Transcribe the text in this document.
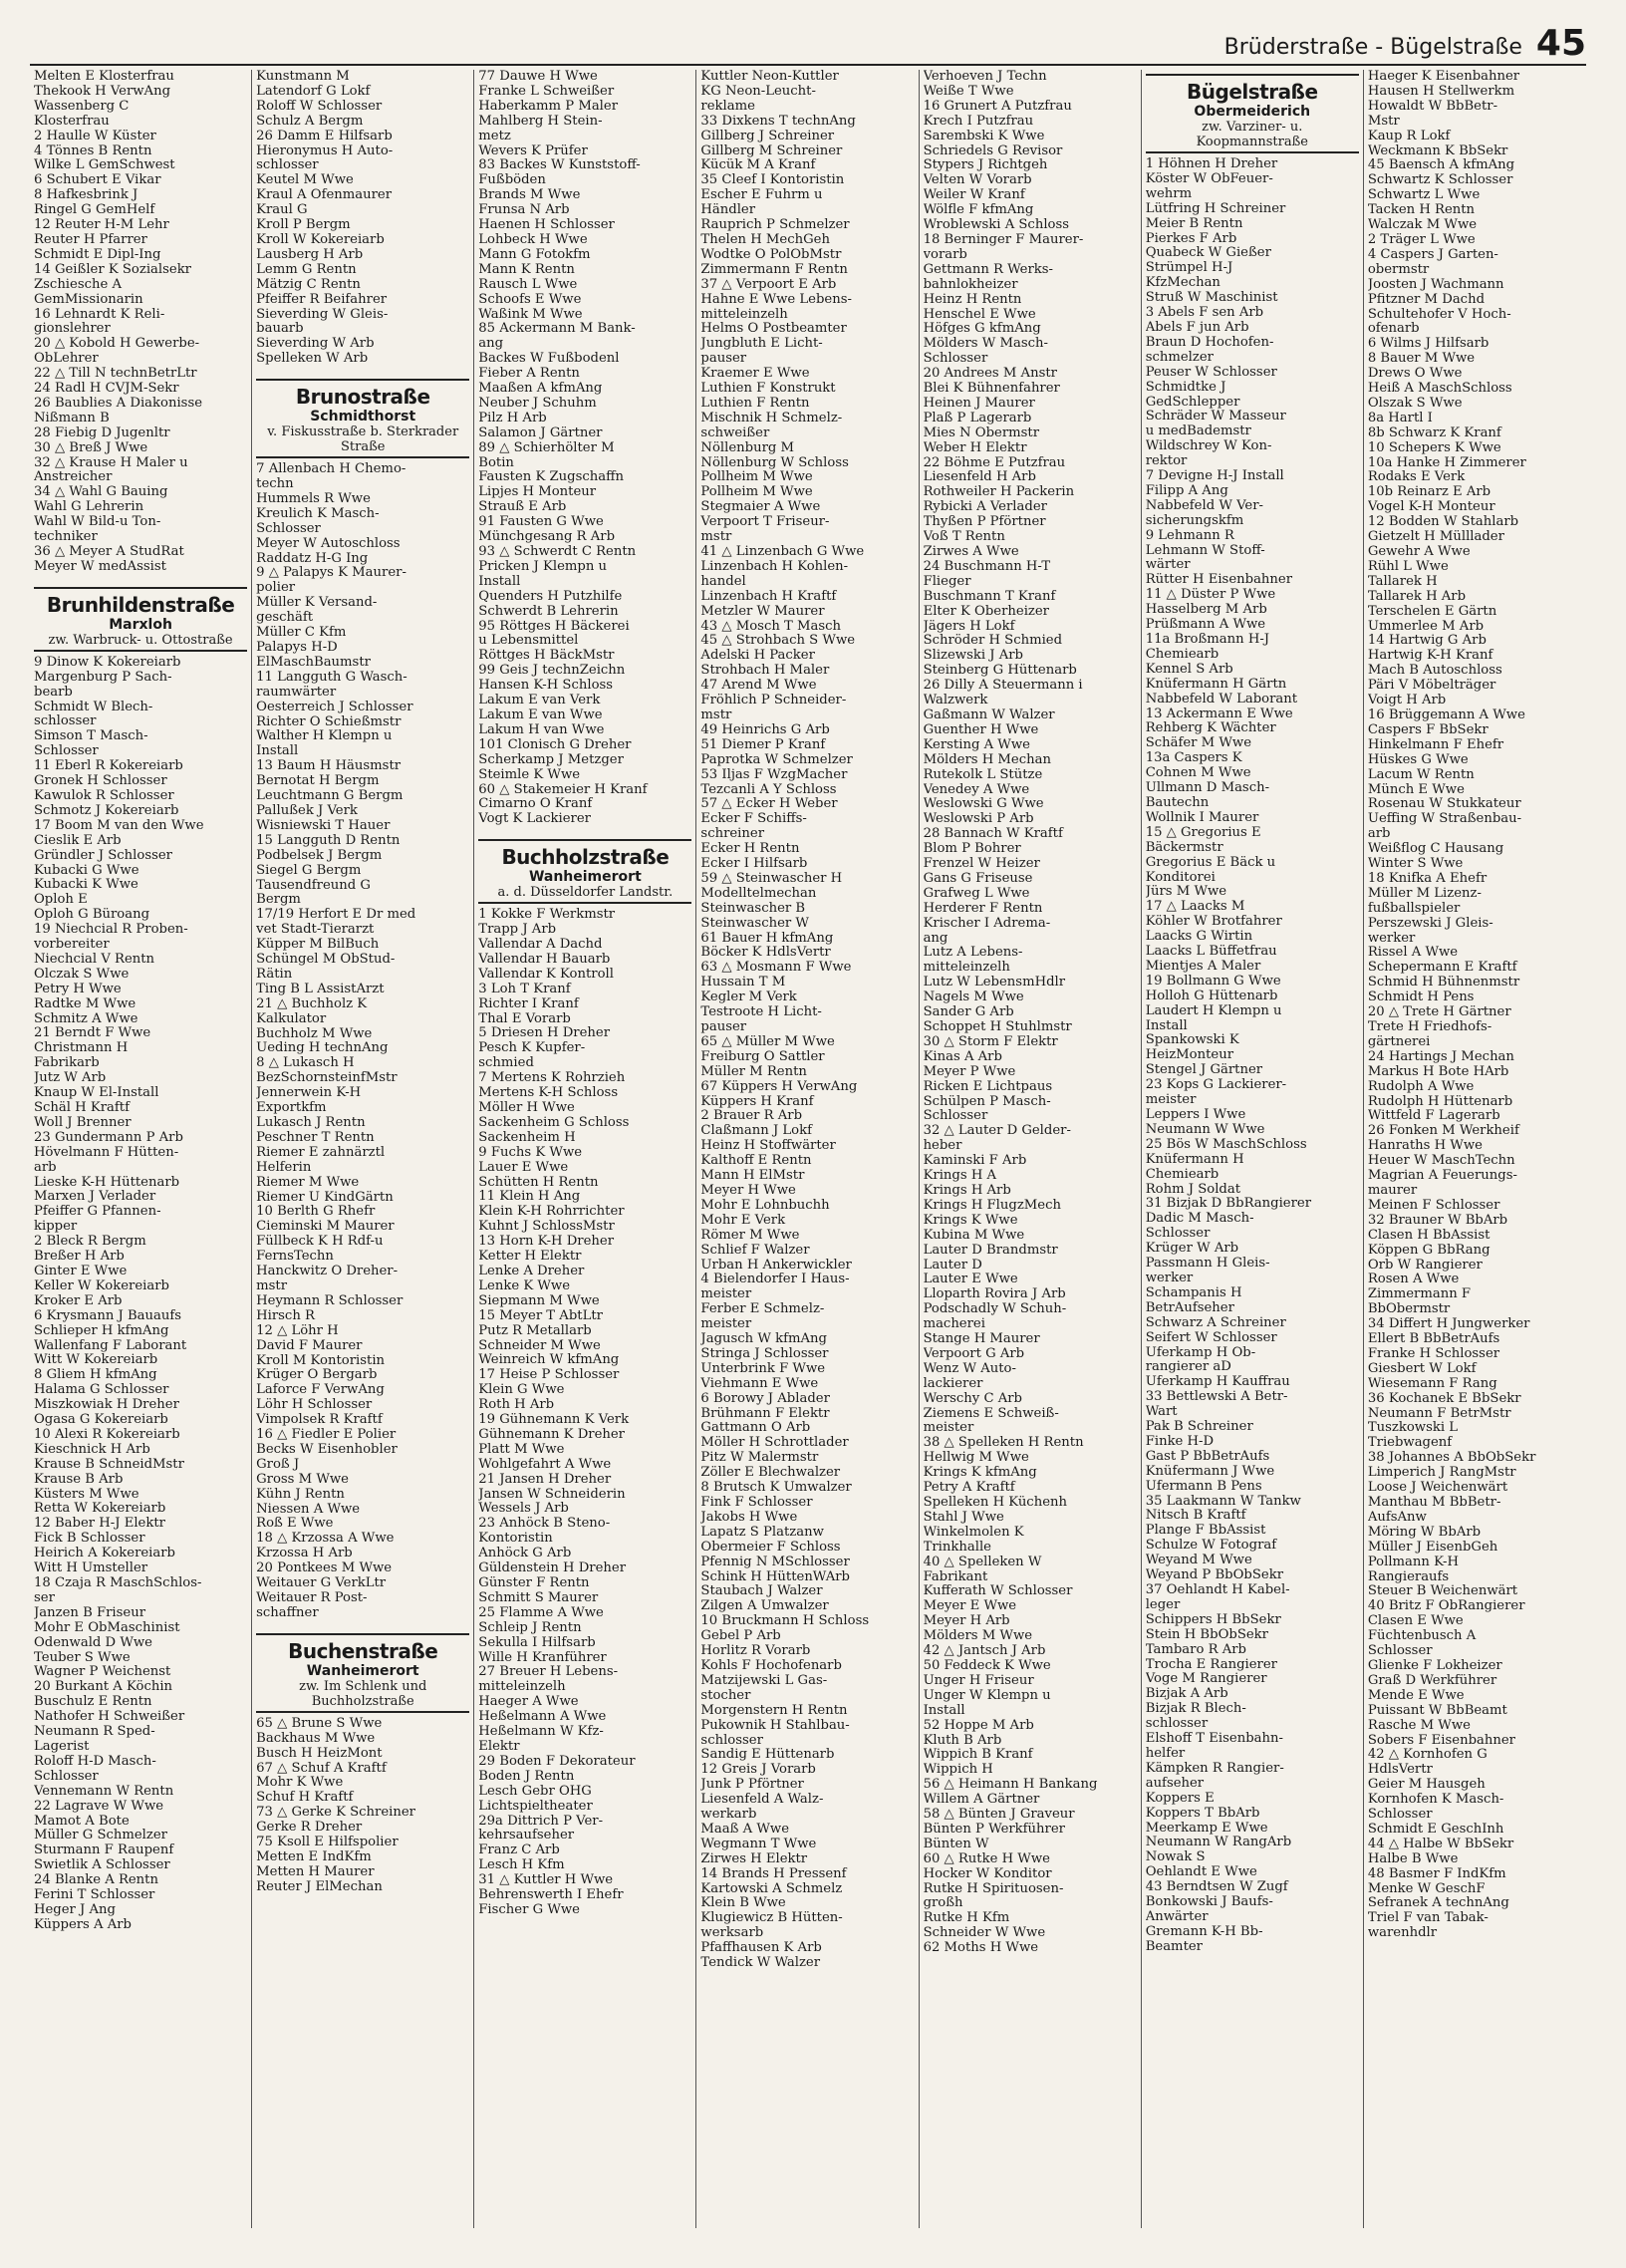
Brüderstraße - Bügelstraße 45
Melten E Klosterfrau
Thekook H VerwAng
Wassenberg C
Klosterfrau
2 Haulle W Küster
4 Tönnes B Rentn
Wilke L GemSchwest
6 Schubert E Vikar
8 Hafkesbrink J
Ringel G GemHelf
12 Reuter H-M Lehr
Reuter H Pfarrer
Schmidt E Dipl-Ing
14 Geißler K Sozialsekr
Zschiesche A
GemMissionarin
16 Lehnardt K Reli-
gionslehrer
20 △ Kobold H Gewerbe-
ObLehrer
22 △ Till N technBetrLtr
24 Radl H CVJM-Sekr
26 Baublies A Diakonisse
Nißmann B
28 Fiebig D Jugenltr
30 △ Breß J Wwe
32 △ Krause H Maler u
Anstreicher
34 △ Wahl G Bauing
Wahl G Lehrerin
Wahl W Bild-u Ton-
techniker
36 △ Meyer A StudRat
Meyer W medAssist
Brunhildenstraße
Marxloh
zw. Warbruck- u. Ottostraße
9 Dinow K Kokereiarb
Margenburg P Sach-
bearb
Schmidt W Blech-
schlosser
Simson T Masch-
Schlosser
11 Eberl R Kokereiarb
Gronek H Schlosser
Kawulok R Schlosser
Schmotz J Kokereiarb
17 Boom M van den Wwe
Cieslik E Arb
Gründler J Schlosser
Kubacki G Wwe
Kubacki K Wwe
Oploh E
Oploh G Büroang
19 Niechcial R Proben-
vorbereiter
Niechcial V Rentn
Olczak S Wwe
Petry H Wwe
Radtke M Wwe
Schmitz A Wwe
21 Berndt F Wwe
Christmann H
Fabrikarb
Jutz W Arb
Knaup W El-Install
Schäl H Kraftf
Woll J Brenner
23 Gundermann P Arb
Hövelmann F Hütten-
arb
Lieske K-H Hüttenarb
Marxen J Verlader
Pfeiffer G Pfannen-
kipper
2 Bleck R Bergm
Breßer H Arb
Ginter E Wwe
Keller W Kokereiarb
Kroker E Arb
6 Krysmann J Bauaufs
Schlieper H kfmAng
Wallenfang F Laborant
Witt W Kokereiarb
8 Gliem H kfmAng
Halama G Schlosser
Miszkowiak H Dreher
Ogasa G Kokereiarb
10 Alexi R Kokereiarb
Kieschnick H Arb
Krause B SchneidMstr
Krause B Arb
Küsters M Wwe
Retta W Kokereiarb
12 Baber H-J Elektr
Fick B Schlosser
Heirich A Kokereiarb
Witt H Umsteller
18 Czaja R MaschSchlos-
ser
Janzen B Friseur
Mohr E ObMaschinist
Odenwald D Wwe
Teuber S Wwe
Wagner P Weichenst
20 Burkant A Köchin
Buschulz E Rentn
Nathofer H Schweißer
Neumann R Sped-
Lagerist
Roloff H-D Masch-
Schlosser
Vennemann W Rentn
22 Lagrave W Wwe
Mamot A Bote
Müller G Schmelzer
Sturmann F Raupenf
Swietlik A Schlosser
24 Blanke A Rentn
Ferini T Schlosser
Heger J Ang
Küppers A Arb
Kunstmann M
Latendorf G Lokf
Roloff W Schlosser
Schulz A Bergm
26 Damm E Hilfsarb
Hieronymus H Auto-
schlosser
Keutel M Wwe
Kraul A Ofenmaurer
Kraul G
Kroll P Bergm
Kroll W Kokereiarb
Lausberg H Arb
Lemm G Rentn
Mätzig C Rentn
Pfeiffer R Beifahrer
Sieverding W Gleis-
bauarb
Sieverding W Arb
Spelleken W Arb
Brunostraße
Schmidthorst
v. Fiskusstraße b. Sterkrader Straße
7 Allenbach H Chemo-
techn
Hummels R Wwe
Kreulich K Masch-
Schlosser
Meyer W Autoschloss
Raddatz H-G Ing
9 △ Palapys K Maurer-
polier
Müller K Versand-
geschäft
Müller C Kfm
Palapys H-D
ElMaschBaumstr
11 Langguth G Wasch-
raumwärter
Oesterreich J Schlosser
Richter O Schießmstr
Walther H Klempn u
Install
13 Baum H Häusmstr
Bernotat H Bergm
Leuchtmann G Bergm
Pallußek J Verk
Wisniewski T Hauer
15 Langguth D Rentn
Podbelsek J Bergm
Siegel G Bergm
Tausendfreund G
Bergm
17/19 Herfort E Dr med
vet Stadt-Tierarzt
Küpper M BilBuch
Schüngel M ObStud-
Rätin
Ting B L AssistArzt
21 △ Buchholz K
Kalkulator
Buchholz M Wwe
Ueding H technAng
8 △ Lukasch H
BezSchornsteinfMstr
Jennerwein K-H
Exportkfm
Lukasch J Rentn
Peschner T Rentn
Riemer E zahnärztl
Helferin
Riemer M Wwe
Riemer U KindGärtn
10 Berlth G Rhefr
Cieminski M Maurer
Füllbeck K H Rdf-u
FernsTechn
Hanckwitz O Dreher-
mstr
Heymann R Schlosser
Hirsch R
12 △ Löhr H
David F Maurer
Kroll M Kontoristin
Krüger O Bergarb
Laforce F VerwAng
Löhr H Schlosser
Vimpolsek R Kraftf
16 △ Fiedler E Polier
Becks W Eisenhobler
Groß J
Gross M Wwe
Kühn J Rentn
Niessen A Wwe
Roß E Wwe
18 △ Krzossa A Wwe
Krzossa H Arb
20 Pontkees M Wwe
Weitauer G VerkLtr
Weitauer R Post-
schaffner
Buchenstraße
Wanheimerort
zw. Im Schlenk und Buchholzstraße
65 △ Brune S Wwe
Backhaus M Wwe
Busch H HeizMont
67 △ Schuf A Kraftf
Mohr K Wwe
Schuf H Kraftf
73 △ Gerke K Schreiner
Gerke R Dreher
75 Ksoll E Hilfspolier
Metten E IndKfm
Metten H Maurer
Reuter J ElMechan
77 Dauwe H Wwe
Franke L Schweißer
Haberkamm P Maler
Mahlberg H Stein-
metz
Wevers K Prüfer
83 Backes W Kunststoff-
Fußböden
Brands M Wwe
Frunsa N Arb
Haenen H Schlosser
Lohbeck H Wwe
Mann G Fotokfm
Mann K Rentn
Rausch L Wwe
Schoofs E Wwe
Waßink M Wwe
85 Ackermann M Bank-
ang
Backes W Fußbodenl
Fieber A Rentn
Maaßen A kfmAng
Neuber J Schuhm
Pilz H Arb
Salamon J Gärtner
89 △ Schierhölter M
Botin
Fausten K Zugschaffn
Lipjes H Monteur
Strauß E Arb
91 Fausten G Wwe
Münchgesang R Arb
93 △ Schwerdt C Rentn
Pricken J Klempn u
Install
Quenders H Putzhilfe
Schwerdt B Lehrerin
95 Röttges H Bäckerei
u Lebensmittel
Röttges H BäckMstr
99 Geis J technZeichn
Hansen K-H Schloss
Lakum E van Verk
Lakum E van Wwe
Lakum H van Wwe
101 Clonisch G Dreher
Scherkamp J Metzger
Steimle K Wwe
60 △ Stakemeier H Kranf
Cimarno O Kranf
Vogt K Lackierer
Buchholzstraße
Wanheimerort
a. d. Düsseldorfer Landstr.
1 Kokke F Werkmstr
Trapp J Arb
Vallendar A Dachd
Vallendar H Bauarb
Vallendar K Kontroll
3 Loh T Kranf
Richter I Kranf
Thal E Vorarb
5 Driesen H Dreher
Pesch K Kupfer-
schmied
7 Mertens K Rohrzieh
Mertens K-H Schloss
Möller H Wwe
Sackenheim G Schloss
Sackenheim H
9 Fuchs K Wwe
Lauer E Wwe
Schütten H Rentn
11 Klein H Ang
Klein K-H Rohrrichter
Kuhnt J SchlossMstr
13 Horn K-H Dreher
Ketter H Elektr
Lenke A Dreher
Lenke K Wwe
Siepmann M Wwe
15 Meyer T AbtLtr
Putz R Metallarb
Schneider M Wwe
Weinreich W kfmAng
17 Heise P Schlosser
Klein G Wwe
Roth H Arb
19 Gühnemann K Verk
Gühnemann K Dreher
Platt M Wwe
Wohlgefahrt A Wwe
21 Jansen H Dreher
Jansen W Schneiderin
Wessels J Arb
23 Anhöck B Steno-
Kontoristin
Anhöck G Arb
Güldenstein H Dreher
Günster F Rentn
Schmitt S Maurer
25 Flamme A Wwe
Schleip J Rentn
Sekulla I Hilfsarb
Wille H Kranführer
27 Breuer H Lebens-
mitteleinzelh
Haeger A Wwe
Heßelmann A Wwe
Heßelmann W Kfz-
Elektr
29 Boden F Dekorateur
Boden J Rentn
Lesch Gebr OHG
Lichtspieltheater
29a Dittrich P Ver-
kehrsaufseher
Franz C Arb
Lesch H Kfm
31 △ Kuttler H Wwe
Behrenswerth I Ehefr
Fischer G Wwe
Kuttler Neon-Kuttler
KG Neon-Leucht-
reklame
33 Dixkens T technAng
Gillberg J Schreiner
Gillberg M Schreiner
Kücük M A Kranf
35 Cleef I Kontoristin
Escher E Fuhrm u
Händler
Rauprich P Schmelzer
Thelen H MechGeh
Wodtke O PolObMstr
Zimmermann F Rentn
37 △ Verpoort E Arb
Hahne E Wwe Lebens-
mitteleinzelh
Helms O Postbeamter
Jungbluth E Licht-
pauser
Kraemer E Wwe
Luthien F Konstrukt
Luthien F Rentn
Mischnik H Schmelz-
schweißer
Nöllenburg M
Nöllenburg W Schloss
Pollheim M Wwe
Pollheim M Wwe
Stegmaier A Wwe
Verpoort T Friseur-
mstr
41 △ Linzenbach G Wwe
Linzenbach H Kohlen-
handel
Linzenbach H Kraftf
Metzler W Maurer
43 △ Mosch T Masch
45 △ Strohbach S Wwe
Adelski H Packer
Strohbach H Maler
47 Arend M Wwe
Fröhlich P Schneider-
mstr
49 Heinrichs G Arb
51 Diemer P Kranf
Paprotka W Schmelzer
53 Iljas F WzgMacher
Tezcanli A Y Schloss
57 △ Ecker H Weber
Ecker F Schiffs-
schreiner
Ecker H Rentn
Ecker I Hilfsarb
59 △ Steinwascher H
Modelltelmechan
Steinwascher B
Steinwascher W
61 Bauer H kfmAng
Böcker K HdlsVertr
63 △ Mosmann F Wwe
Hussain T M
Kegler M Verk
Testroote H Licht-
pauser
65 △ Müller M Wwe
Freiburg O Sattler
Müller M Rentn
67 Küppers H VerwAng
Küppers H Kranf
2 Brauer R Arb
Claßmann J Lokf
Heinz H Stoffwärter
Kalthoff E Rentn
Mann H ElMstr
Meyer H Wwe
Mohr E Lohnbuchh
Mohr E Verk
Römer M Wwe
Schlief F Walzer
Urban H Ankerwickler
4 Bielendorfer I Haus-
meister
Ferber E Schmelz-
meister
Jagusch W kfmAng
Stringa J Schlosser
Unterbrink F Wwe
Viehmann E Wwe
6 Borowy J Ablader
Brühmann F Elektr
Gattmann O Arb
Möller H Schrottlader
Pitz W Malermstr
Zöller E Blechwalzer
8 Brutsch K Umwalzer
Fink F Schlosser
Jakobs H Wwe
Lapatz S Platzanw
Obermeier F Schloss
Pfennig N MSchlosser
Schink H HüttenWArb
Staubach J Walzer
Zilgen A Umwalzer
10 Bruckmann H Schloss
Gebel P Arb
Horlitz R Vorarb
Kohls F Hochofenarb
Matzijewski L Gas-
stocher
Morgenstern H Rentn
Pukownik H Stahlbau-
schlosser
Sandig E Hüttenarb
12 Greis J Vorarb
Junk P Pförtner
Liesenfeld A Walz-
werkarb
Maaß A Wwe
Wegmann T Wwe
Zirwes H Elektr
14 Brands H Pressenf
Kartowski A Schmelz
Klein B Wwe
Klugiewicz B Hütten-
werksarb
Pfaffhausen K Arb
Tendick W Walzer
Verhoeven J Techn
Weiße T Wwe
16 Grunert A Putzfrau
Krech I Putzfrau
Sarembski K Wwe
Schriedels G Revisor
Stypers J Richtgeh
Velten W Vorarb
Weiler W Kranf
Wölfle F kfmAng
Wroblewski A Schloss
18 Berninger F Maurer-
vorarb
Gettmann R Werks-
bahnlokheizer
Heinz H Rentn
Henschel E Wwe
Höfges G kfmAng
Mölders W Masch-
Schlosser
20 Andrees M Anstr
Blei K Bühnenfahrer
Heinen J Maurer
Plaß P Lagerarb
Mies N Obermstr
Weber H Elektr
22 Böhme E Putzfrau
Liesenfeld H Arb
Rothweiler H Packerin
Rybicki A Verlader
Thyßen P Pförtner
Voß T Rentn
Zirwes A Wwe
24 Buschmann H-T
Flieger
Buschmann T Kranf
Elter K Oberheizer
Jägers H Lokf
Schröder H Schmied
Slizewski J Arb
Steinberg G Hüttenarb
26 Dilly A Steuermann i
Walzwerk
Gaßmann W Walzer
Guenther H Wwe
Kersting A Wwe
Mölders H Mechan
Rutekolk L Stütze
Venedey A Wwe
Weslowski G Wwe
Weslowski P Arb
28 Bannach W Kraftf
Blom P Bohrer
Frenzel W Heizer
Gans G Friseuse
Grafweg L Wwe
Herderer F Rentn
Krischer I Adrema-
ang
Lutz A Lebens-
mitteleinzelh
Lutz W LebensmHdlr
Nagels M Wwe
Sander G Arb
Schoppet H Stuhlmstr
30 △ Storm F Elektr
Kinas A Arb
Meyer P Wwe
Ricken E Lichtpaus
Schülpen P Masch-
Schlosser
32 △ Lauter D Gelder-
heber
Kaminski F Arb
Krings H A
Krings H Arb
Krings H FlugzMech
Krings K Wwe
Kubina M Wwe
Lauter D Brandmstr
Lauter D
Lauter E Wwe
Lloparth Rovira J Arb
Podschadly W Schuh-
macherei
Stange H Maurer
Verpoort G Arb
Wenz W Auto-
lackierer
Werschy C Arb
Ziemens E Schweiß-
meister
38 △ Spelleken H Rentn
Hellwig M Wwe
Krings K kfmAng
Petry A Kraftf
Spelleken H Küchenh
Stahl J Wwe
Winkelmolen K
Trinkhalle
40 △ Spelleken W
Fabrikant
Kufferath W Schlosser
Meyer E Wwe
Meyer H Arb
Mölders M Wwe
42 △ Jantsch J Arb
50 Feddeck K Wwe
Unger H Friseur
Unger W Klempn u
Install
52 Hoppe M Arb
Kluth B Arb
Wippich B Kranf
Wippich H
56 △ Heimann H Bankang
Willem A Gärtner
58 △ Bünten J Graveur
Bünten P Werkführer
Bünten W
60 △ Rutke H Wwe
Hocker W Konditor
Rutke H Spirituosen-
großh
Rutke H Kfm
Schneider W Wwe
62 Moths H Wwe
Bügelstraße
Obermeiderich
zw. Varziner- u. Koopmannstraße
1 Höhnen H Dreher
Köster W ObFeuer-
wehrm
Lütfring H Schreiner
Meier B Rentn
Pierkes F Arb
Quabeck W Gießer
Strümpel H-J
KfzMechan
Struß W Maschinist
3 Abels F sen Arb
Abels F jun Arb
Braun D Hochofen-
schmelzer
Peuser W Schlosser
Schmidtke J
GedSchlepper
Schräder W Masseur
u medBademstr
Wildschrey W Kon-
rektor
7 Devigne H-J Install
Filipp A Ang
Nabbefeld W Ver-
sicherungskfm
9 Lehmann R
Lehmann W Stoff-
wärter
Rütter H Eisenbahner
11 △ Düster P Wwe
Hasselberg M Arb
Prüßmann A Wwe
11a Broßmann H-J
Chemiearb
Kennel S Arb
Knüfermann H Gärtn
Nabbefeld W Laborant
13 Ackermann E Wwe
Rehberg K Wächter
Schäfer M Wwe
13a Caspers K
Cohnen M Wwe
Ullmann D Masch-
Bautechn
Wollnik I Maurer
15 △ Gregorius E
Bäckermstr
Gregorius E Bäck u
Konditorei
Jürs M Wwe
17 △ Laacks M
Köhler W Brotfahrer
Laacks G Wirtin
Laacks L Büffetfrau
Mientjes A Maler
19 Bollmann G Wwe
Holloh G Hüttenarb
Laudert H Klempn u
Install
Spankowski K
HeizMonteur
Stengel J Gärtner
23 Kops G Lackierer-
meister
Leppers I Wwe
Neumann W Wwe
25 Bös W MaschSchloss
Knüfermann H
Chemiearb
Rohm J Soldat
31 Bizjak D BbRangierer
Dadic M Masch-
Schlosser
Krüger W Arb
Passmann H Gleis-
werker
Schampanis H
BetrAufseher
Schwarz A Schreiner
Seifert W Schlosser
Uferkamp H Ob-
rangierer aD
Uferkamp H Kauffrau
33 Bettlewski A Betr-
Wart
Pak B Schreiner
Finke H-D
Gast P BbBetrAufs
Knüfermann J Wwe
Ufermann B Pens
35 Laakmann W Tankw
Nitsch B Kraftf
Plange F BbAssist
Schulze W Fotograf
Weyand M Wwe
Weyand P BbObSekr
37 Oehlandt H Kabel-
leger
Schippers H BbSekr
Stein H BbObSekr
Tambaro R Arb
Trocha E Rangierer
Voge M Rangierer
Bizjak A Arb
Bizjak R Blech-
schlosser
Elshoff T Eisenbahn-
helfer
Kämpken R Rangier-
aufseher
Koppers E
Koppers T BbArb
Meerkamp E Wwe
Neumann W RangArb
Nowak S
Oehlandt E Wwe
43 Berndtsen W Zugf
Bonkowski J Baufs-
Anwärter
Gremann K-H Bb-
Beamter
Haeger K Eisenbahner
Hausen H Stellwerkm
Howaldt W BbBetr-
Mstr
Kaup R Lokf
Weckmann K BbSekr
45 Baensch A kfmAng
Schwartz K Schlosser
Schwartz L Wwe
Tacken H Rentn
Walczak M Wwe
2 Träger L Wwe
4 Caspers J Garten-
obermstr
Joosten J Wachmann
Pfitzner M Dachd
Schultehofer V Hoch-
ofenarb
6 Wilms J Hilfsarb
8 Bauer M Wwe
Drews O Wwe
Heiß A MaschSchloss
Olszak S Wwe
8a Hartl I
8b Schwarz K Kranf
10 Schepers K Wwe
10a Hanke H Zimmerer
Rodaks E Verk
10b Reinarz E Arb
Vogel K-H Monteur
12 Bodden W Stahlarb
Gietzelt H Mülllader
Gewehr A Wwe
Rühl L Wwe
Tallarek H
Tallarek H Arb
Terschelen E Gärtn
Ummerlee M Arb
14 Hartwig G Arb
Hartwig K-H Kranf
Mach B Autoschloss
Päri V Möbelträger
Voigt H Arb
16 Brüggemann A Wwe
Caspers F BbSekr
Hinkelmann F Ehefr
Hüskes G Wwe
Lacum W Rentn
Münch E Wwe
Rosenau W Stukkateur
Ueffing W Straßenbau-
arb
Weißflog C Hausang
Winter S Wwe
18 Knifka A Ehefr
Müller M Lizenz-
fußballspieler
Perszewski J Gleis-
werker
Rissel A Wwe
Schepermann E Kraftf
Schmid H Bühnenmstr
Schmidt H Pens
20 △ Trete H Gärtner
Trete H Friedhofs-
gärtnerei
24 Hartings J Mechan
Markus H Bote HArb
Rudolph A Wwe
Rudolph H Hüttenarb
Wittfeld F Lagerarb
26 Fonken M Werkheif
Hanraths H Wwe
Heuer W MaschTechn
Magrian A Feuerungs-
maurer
Meinen F Schlosser
32 Brauner W BbArb
Clasen H BbAssist
Köppen G BbRang
Orb W Rangierer
Rosen A Wwe
Zimmermann F
BbObermstr
34 Differt H Jungwerker
Ellert B BbBetrAufs
Franke H Schlosser
Giesbert W Lokf
Wiesemann F Rang
36 Kochanek E BbSekr
Neumann F BetrMstr
Tuszkowski L
Triebwagenf
38 Johannes A BbObSekr
Limperich J RangMstr
Loose J Weichenwärt
Manthau M BbBetr-
AufsAnw
Möring W BbArb
Müller J EisenbGeh
Pollmann K-H
Rangieraufs
Steuer B Weichenwärt
40 Britz F ObRangierer
Clasen E Wwe
Füchtenbusch A
Schlosser
Glienke F Lokheizer
Graß D Werkführer
Mende E Wwe
Puissant W BbBeamt
Rasche M Wwe
Sobers F Eisenbahner
42 △ Kornhofen G
HdlsVertr
Geier M Hausgeh
Kornhofen K Masch-
Schlosser
Schmidt E GeschInh
44 △ Halbe W BbSekr
Halbe B Wwe
48 Basmer F IndKfm
Menke W GeschF
Sefranek A technAng
Triel F van Tabak-
warenhdlr
